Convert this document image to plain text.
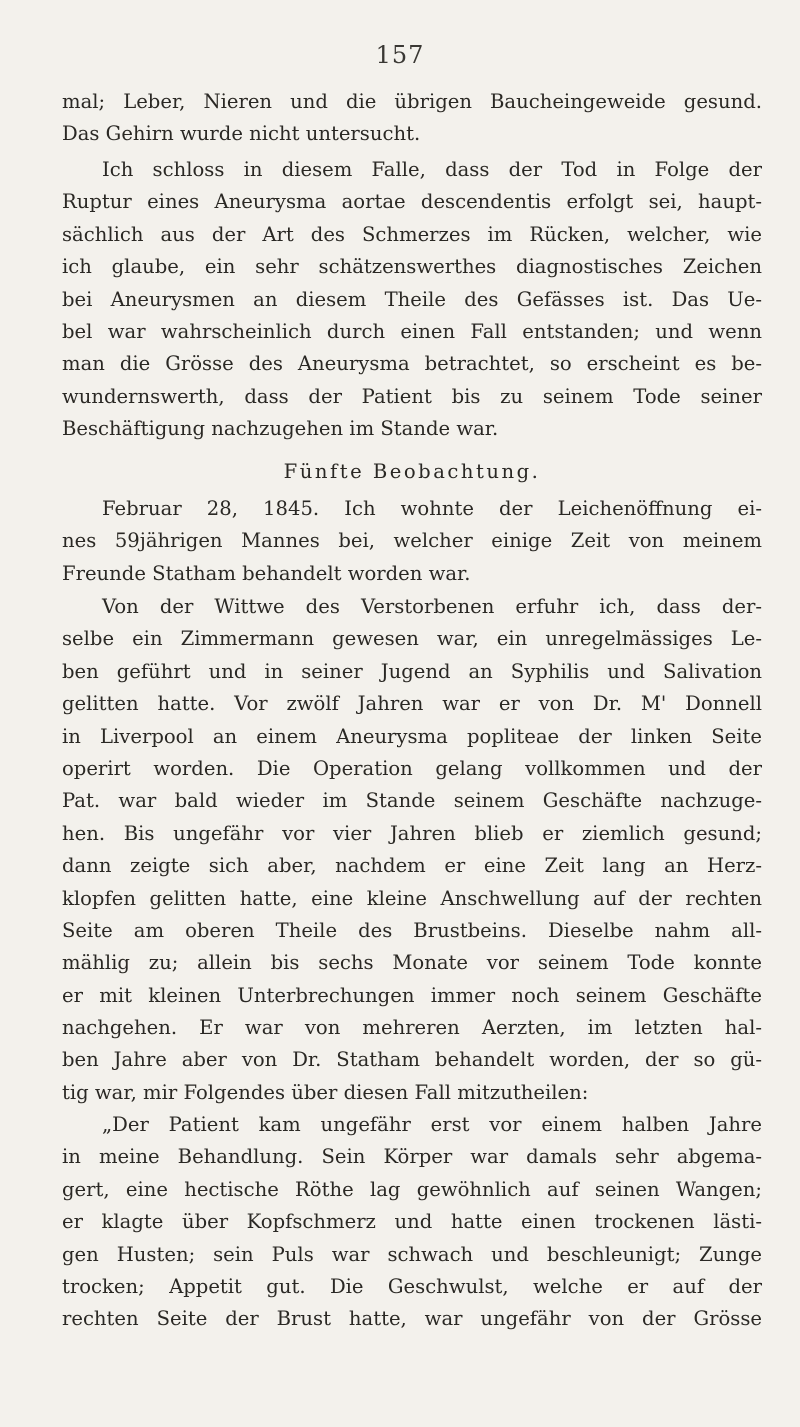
157
mal; Leber, Nieren und die übrigen Baucheingeweide gesund.
Das Gehirn wurde nicht untersucht.
Ich schloss in diesem Falle, dass der Tod in Folge der
Ruptur eines Aneurysma aortae descendentis erfolgt sei, haupt-
sächlich aus der Art des Schmerzes im Rücken, welcher, wie
ich glaube, ein sehr schätzenswerthes diagnostisches Zeichen
bei Aneurysmen an diesem Theile des Gefässes ist. Das Ue-
bel war wahrscheinlich durch einen Fall entstanden; und wenn
man die Grösse des Aneurysma betrachtet, so erscheint es be-
wundernswerth, dass der Patient bis zu seinem Tode seiner
Beschäftigung nachzugehen im Stande war.
Fünfte Beobachtung.
Februar 28, 1845. Ich wohnte der Leichenöffnung ei-
nes 59jährigen Mannes bei, welcher einige Zeit von meinem
Freunde Statham behandelt worden war.
Von der Wittwe des Verstorbenen erfuhr ich, dass der-
selbe ein Zimmermann gewesen war, ein unregelmässiges Le-
ben geführt und in seiner Jugend an Syphilis und Salivation
gelitten hatte. Vor zwölf Jahren war er von Dr. M' Donnell
in Liverpool an einem Aneurysma popliteae der linken Seite
operirt worden. Die Operation gelang vollkommen und der
Pat. war bald wieder im Stande seinem Geschäfte nachzuge-
hen. Bis ungefähr vor vier Jahren blieb er ziemlich gesund;
dann zeigte sich aber, nachdem er eine Zeit lang an Herz-
klopfen gelitten hatte, eine kleine Anschwellung auf der rechten
Seite am oberen Theile des Brustbeins. Dieselbe nahm all-
mählig zu; allein bis sechs Monate vor seinem Tode konnte
er mit kleinen Unterbrechungen immer noch seinem Geschäfte
nachgehen. Er war von mehreren Aerzten, im letzten hal-
ben Jahre aber von Dr. Statham behandelt worden, der so gü-
tig war, mir Folgendes über diesen Fall mitzutheilen:
„Der Patient kam ungefähr erst vor einem halben Jahre
in meine Behandlung. Sein Körper war damals sehr abgema-
gert, eine hectische Röthe lag gewöhnlich auf seinen Wangen;
er klagte über Kopfschmerz und hatte einen trockenen lästi-
gen Husten; sein Puls war schwach und beschleunigt; Zunge
trocken; Appetit gut. Die Geschwulst, welche er auf der
rechten Seite der Brust hatte, war ungefähr von der Grösse
